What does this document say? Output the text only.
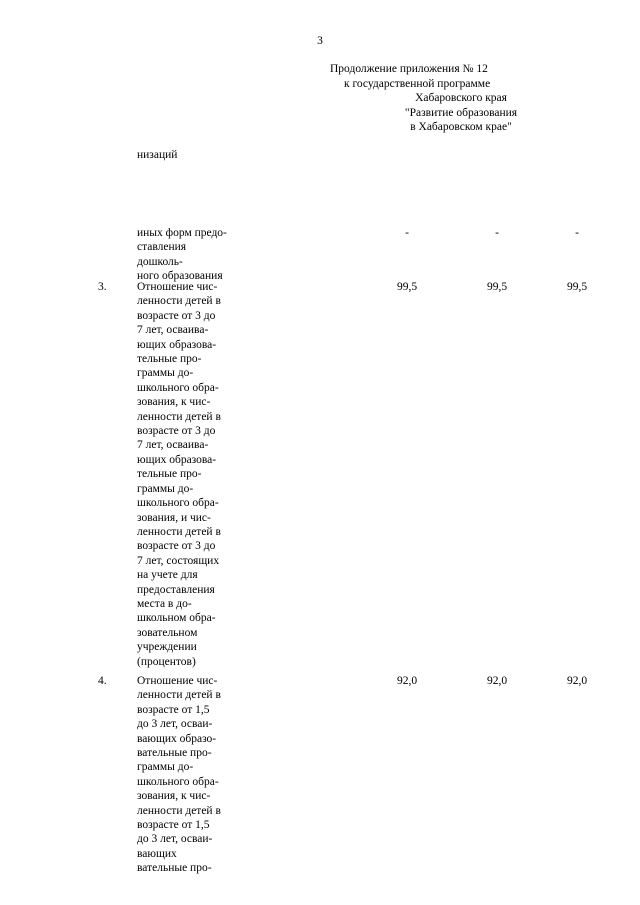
3
Продолжение приложения № 12
к государственной программе
Хабаровского края
"Развитие образования
в Хабаровском крае"
низаций
иных форм предо-
ставления дошколь-
ного образования
-	-	-
3.	Отношение чис-
ленности детей в
возрасте от 3 до
7 лет, осваива-
ющих образова-
тельные про-
граммы до-
школьного обра-
зования, к чис-
ленности детей в
возрасте от 3 до
7 лет, осваива-
ющих образова-
тельные про-
граммы до-
школьного обра-
зования, и чис-
ленности детей в
возрасте от 3 до
7 лет, состоящих
на учете для
предоставления
места в до-
школьном обра-
зовательном
учреждении
(процентов)
99,5	99,5	99,5
4.	Отношение чис-
ленности детей в
возрасте от 1,5
до 3 лет, осваи-
вающих образо-
вательные про-
граммы до-
школьного обра-
зования, к чис-
ленности детей в
возрасте от 1,5
до 3 лет, осваи-
вающих
вательные про-
92,0	92,0	92,0
